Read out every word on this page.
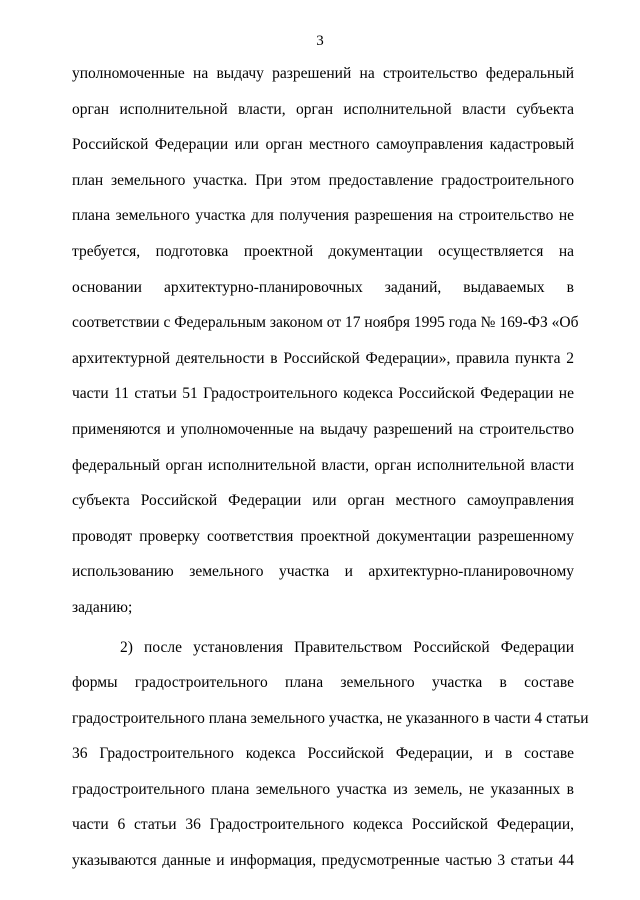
3
уполномоченные на выдачу разрешений на строительство федеральный
орган исполнительной власти, орган исполнительной власти субъекта
Российской Федерации или орган местного самоуправления кадастровый
план земельного участка. При этом предоставление градостроительного
плана земельного участка для получения разрешения на строительство не
требуется, подготовка проектной документации осуществляется на
основании архитектурно-планировочных заданий, выдаваемых в
соответствии с Федеральным законом от 17 ноября 1995 года № 169-ФЗ «Об
архитектурной деятельности в Российской Федерации», правила пункта 2
части 11 статьи 51 Градостроительного кодекса Российской Федерации не
применяются и уполномоченные на выдачу разрешений на строительство
федеральный орган исполнительной власти, орган исполнительной власти
субъекта Российской Федерации или орган местного самоуправления
проводят проверку соответствия проектной документации разрешенному
использованию земельного участка и архитектурно-планировочному
заданию;
2) после установления Правительством Российской Федерации
формы градостроительного плана земельного участка в составе
градостроительного плана земельного участка, не указанного в части 4 статьи
36 Градостроительного кодекса Российской Федерации, и в составе
градостроительного плана земельного участка из земель, не указанных в
части 6 статьи 36 Градостроительного кодекса Российской Федерации,
указываются данные и информация, предусмотренные частью 3 статьи 44
